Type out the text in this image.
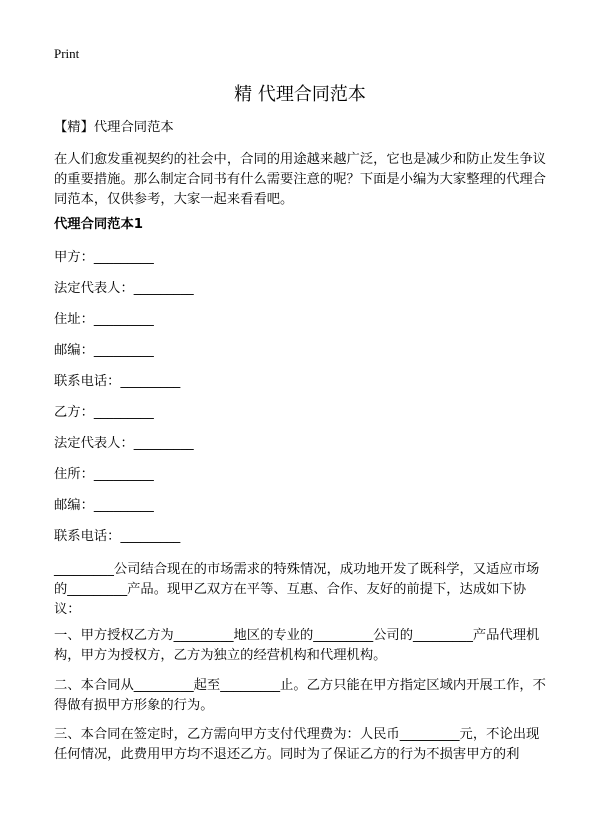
Print
精 代理合同范本

【精】代理合同范本

在人们愈发重视契约的社会中，合同的用途越来越广泛，它也是减少和防止发生争议的重要措施。那么制定合同书有什么需要注意的呢？下面是小编为大家整理的代理合同范本，仅供参考，大家一起来看看吧。

代理合同范本1

甲方：_________

法定代表人：_________

住址：_________

邮编：_________

联系电话：_________

乙方：_________

法定代表人：_________

住所：_________

邮编：_________

联系电话：_________

_________公司结合现在的市场需求的特殊情况，成功地开发了既科学，又适应市场的_________产品。现甲乙双方在平等、互惠、合作、友好的前提下，达成如下协议：

一、甲方授权乙方为_________地区的专业的_________公司的_________产品代理机构，甲方为授权方，乙方为独立的经营机构和代理机构。

二、本合同从_________起至_________止。乙方只能在甲方指定区域内开展工作，不得做有损甲方形象的行为。

三、本合同在签定时，乙方需向甲方支付代理费为：人民币_________元，不论出现任何情况，此费用甲方均不退还乙方。同时为了保证乙方的行为不损害甲方的利
